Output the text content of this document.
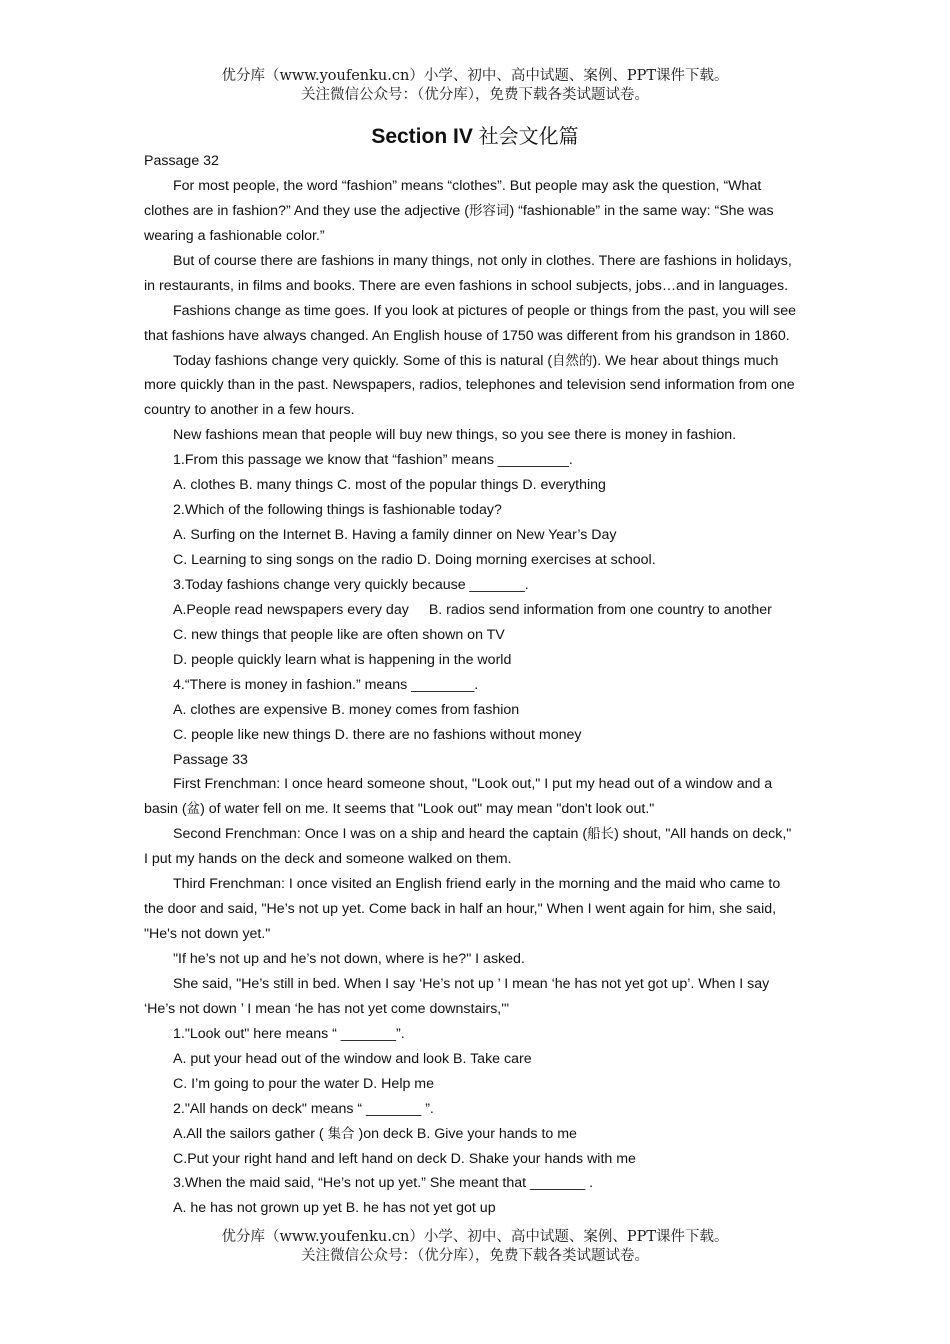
优分库（www.youfenku.cn）小学、初中、高中试题、案例、PPT课件下载。
关注微信公众号：（优分库），免费下载各类试题试卷。
Section IV 社会文化篇

Passage 32

For most people, the word “fashion” means “clothes”. But people may ask the question, “What

clothes are in fashion?” And they use the adjective (形容词) “fashionable” in the same way: “She was

wearing a fashionable color.”

But of course there are fashions in many things, not only in clothes. There are fashions in holidays,

in restaurants, in films and books. There are even fashions in school subjects, jobs…and in languages.

Fashions change as time goes. If you look at pictures of people or things from the past, you will see

that fashions have always changed. An English house of 1750 was different from his grandson in 1860.

Today fashions change very quickly. Some of this is natural (自然的). We hear about things much

more quickly than in the past. Newspapers, radios, telephones and television send information from one

country to another in a few hours.

New fashions mean that people will buy new things, so you see there is money in fashion.

1.From this passage we know that “fashion” means _________.

A. clothes B. many things C. most of the popular things D. everything

2.Which of the following things is fashionable today?

A. Surfing on the Internet B. Having a family dinner on New Year’s Day

C. Learning to sing songs on the radio D. Doing morning exercises at school.

3.Today fashions change very quickly because _______.

A.People read newspapers every day B. radios send information from one country to another

C. new things that people like are often shown on TV

D. people quickly learn what is happening in the world

4.“There is money in fashion.” means ________.

A. clothes are expensive B. money comes from fashion

C. people like new things D. there are no fashions without money

Passage 33

First Frenchman: I once heard someone shout, "Look out," I put my head out of a window and a

basin (盆) of water fell on me. It seems that "Look out" may mean "don't look out."

Second Frenchman: Once I was on a ship and heard the captain (船长) shout, "All hands on deck,"

I put my hands on the deck and someone walked on them.

Third Frenchman: I once visited an English friend early in the morning and the maid who came to

the door and said, "He’s not up yet. Come back in half an hour," When I went again for him, she said,

"He's not down yet."

"If he’s not up and he’s not down, where is he?" I asked.

She said, "He’s still in bed. When I say ‘He’s not up ’ I mean ‘he has not yet got up’. When I say

‘He’s not down ’ I mean ‘he has not yet come downstairs,'"

1."Look out" here means “ _______”.

A. put your head out of the window and look B. Take care

C. I’m going to pour the water D. Help me

2."All hands on deck" means “ _______ ”.

A.All the sailors gather ( 集合 )on deck B. Give your hands to me

C.Put your right hand and left hand on deck D. Shake your hands with me

3.When the maid said, “He’s not up yet.” She meant that _______ .

A. he has not grown up yet B. he has not yet got up

优分库（www.youfenku.cn）小学、初中、高中试题、案例、PPT课件下载。
关注微信公众号：（优分库），免费下载各类试题试卷。
